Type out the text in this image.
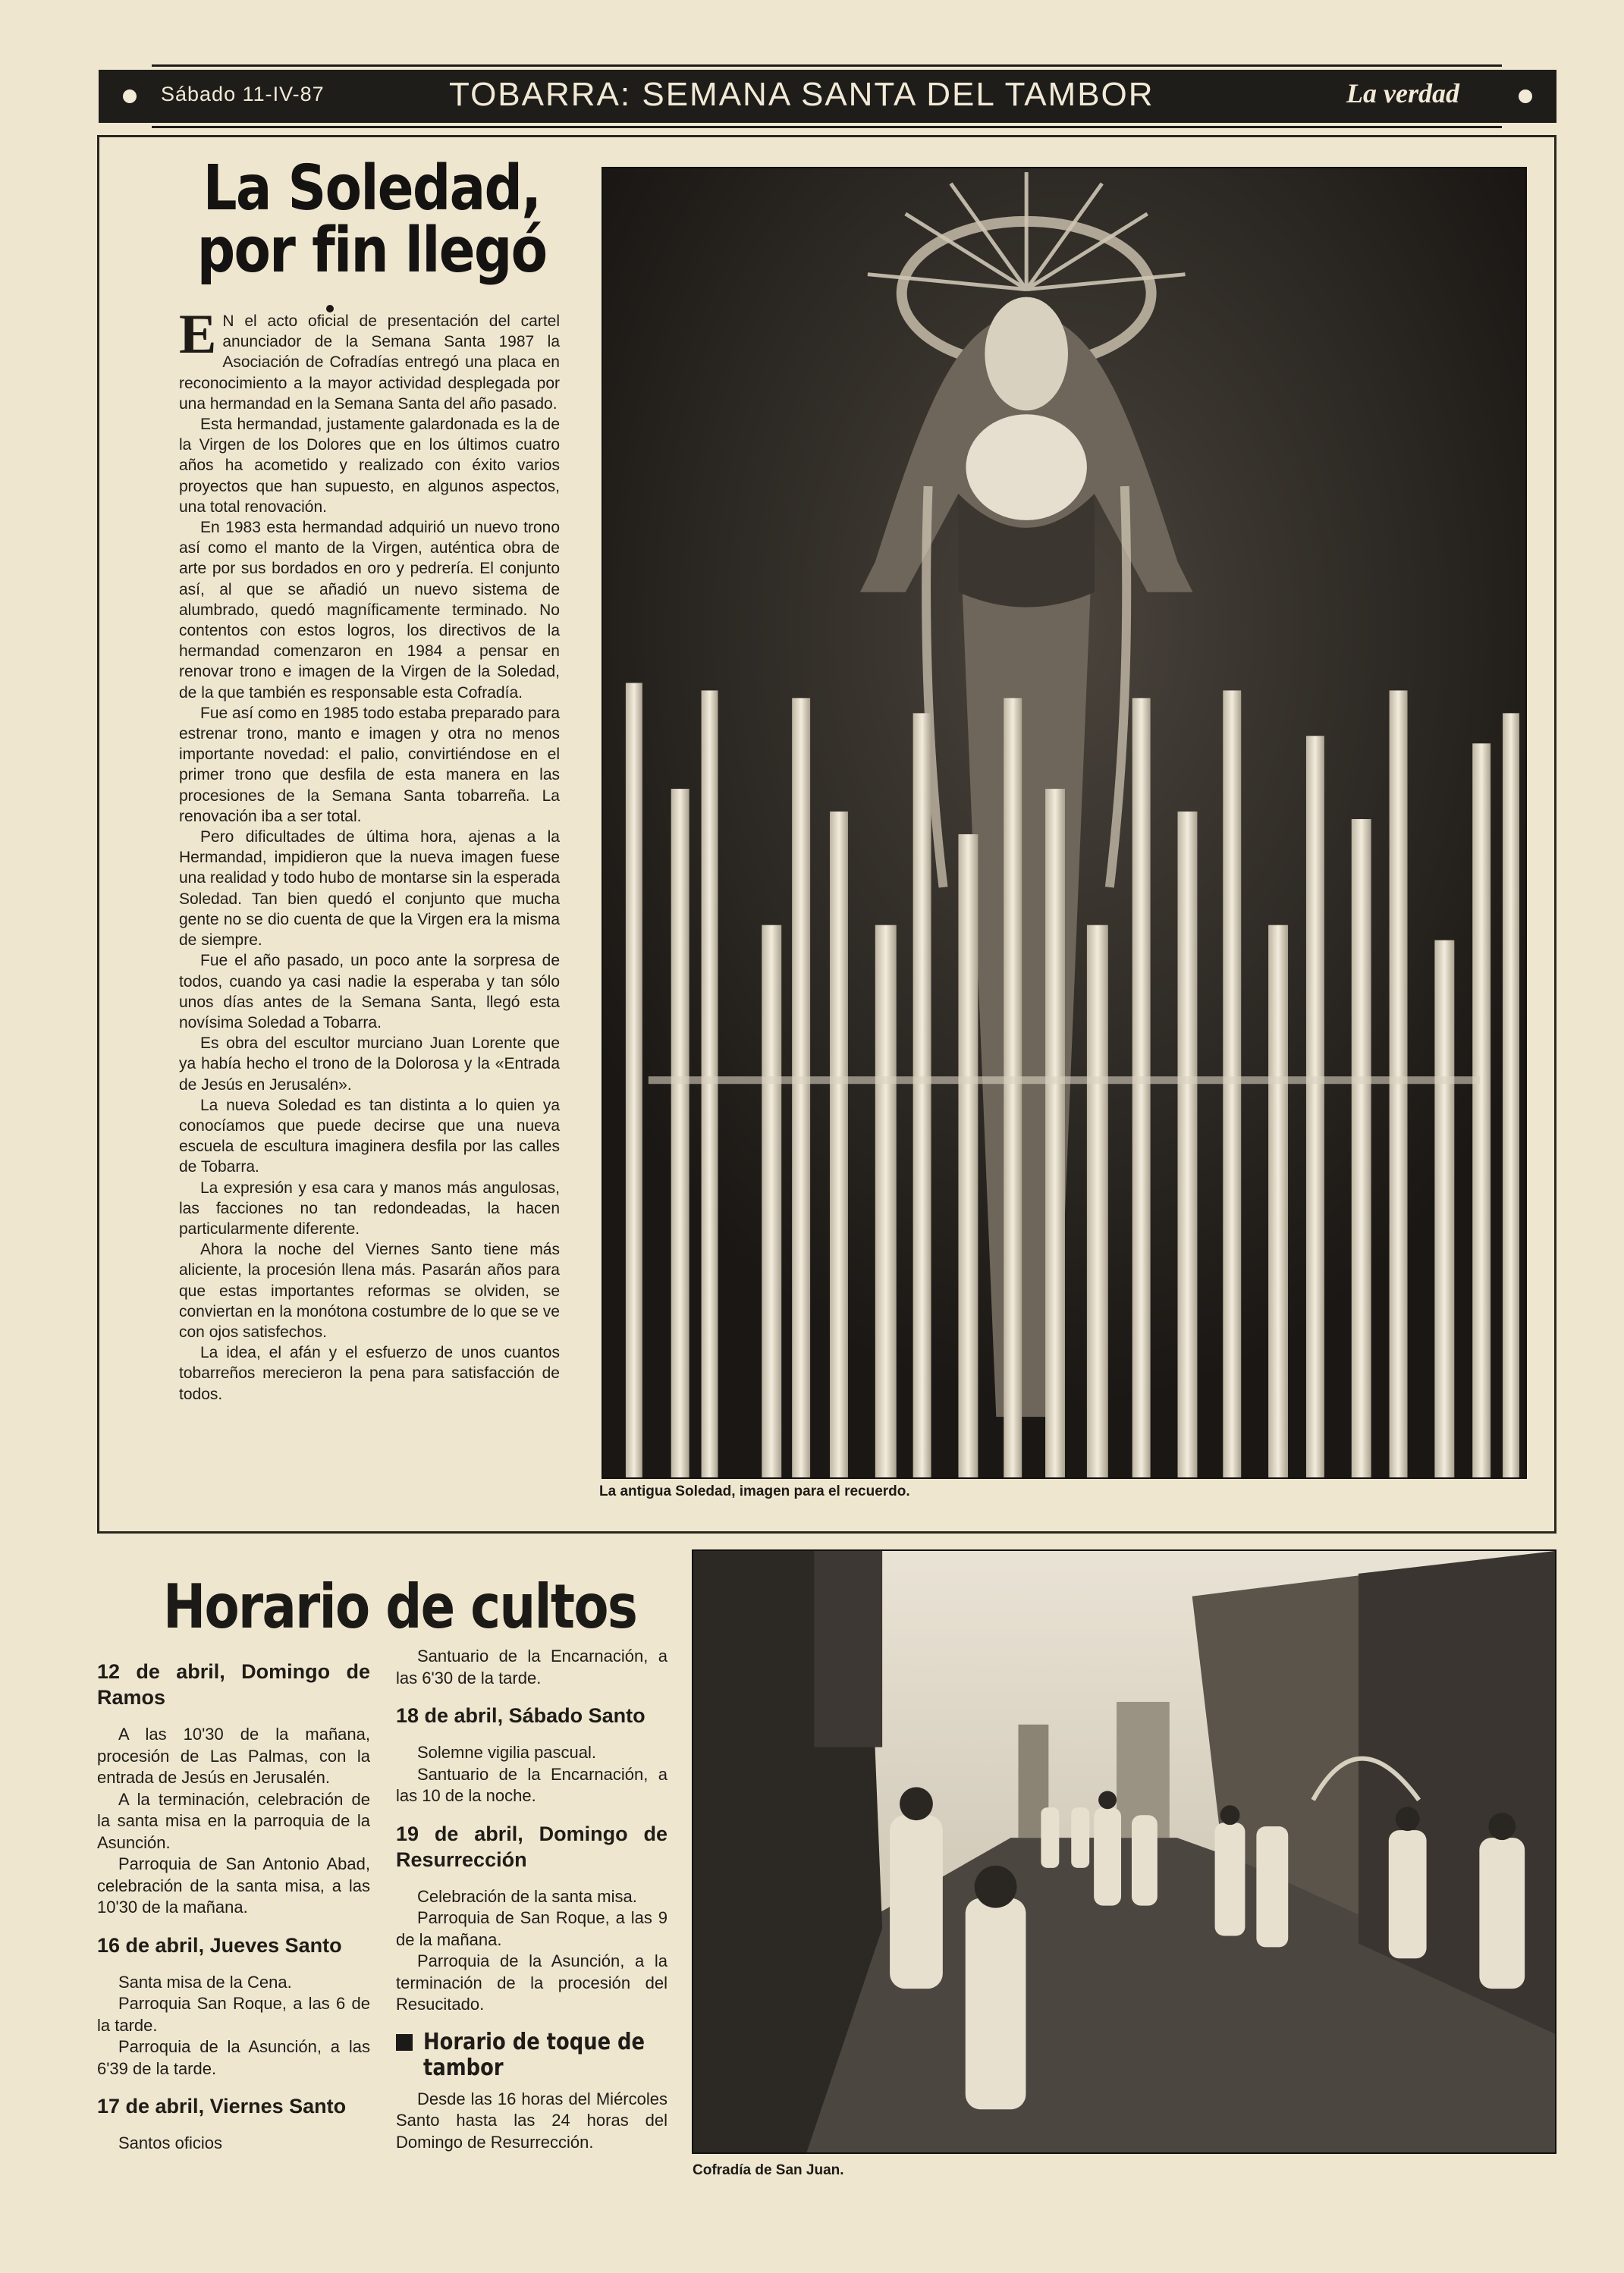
Sábado 11-IV-87	TOBARRA: SEMANA SANTA DEL TAMBOR	La verdad
La Soledad,
por fin llegó

E N el acto oficial de presentación del cartel anunciador de la Semana Santa 1987 la Asociación de Cofradías entregó una placa en reconocimiento a la mayor actividad desplegada por una hermandad en la Semana Santa del año pasado.

Esta hermandad, justamente galardonada es la de la Virgen de los Dolores que en los últimos cuatro años ha acometido y realizado con éxito varios proyectos que han supuesto, en algunos aspectos, una total renovación.

En 1983 esta hermandad adquirió un nuevo trono así como el manto de la Virgen, auténtica obra de arte por sus bordados en oro y pedrería. El conjunto así, al que se añadió un nuevo sistema de alumbrado, quedó magníficamente terminado. No contentos con estos logros, los directivos de la hermandad comenzaron en 1984 a pensar en renovar trono e imagen de la Virgen de la Soledad, de la que también es responsable esta Cofradía.

Fue así como en 1985 todo estaba preparado para estrenar trono, manto e imagen y otra no menos importante novedad: el palio, convirtiéndose en el primer trono que desfila de esta manera en las procesiones de la Semana Santa tobarreña. La renovación iba a ser total.

Pero dificultades de última hora, ajenas a la Hermandad, impidieron que la nueva imagen fuese una realidad y todo hubo de montarse sin la esperada Soledad. Tan bien quedó el conjunto que mucha gente no se dio cuenta de que la Virgen era la misma de siempre.

Fue el año pasado, un poco ante la sorpresa de todos, cuando ya casi nadie la esperaba y tan sólo unos días antes de la Semana Santa, llegó esta novísima Soledad a Tobarra.

Es obra del escultor murciano Juan Lorente que ya había hecho el trono de la Dolorosa y la «Entrada de Jesús en Jerusalén».

La nueva Soledad es tan distinta a lo quien ya conocíamos que puede decirse que una nueva escuela de escultura imaginera desfila por las calles de Tobarra.

La expresión y esa cara y manos más angulosas, las facciones no tan redondeadas, la hacen particularmente diferente.

Ahora la noche del Viernes Santo tiene más aliciente, la procesión llena más. Pasarán años para que estas importantes reformas se olviden, se conviertan en la monótona costumbre de lo que se ve con ojos satisfechos.

La idea, el afán y el esfuerzo de unos cuantos tobarreños merecieron la pena para satisfacción de todos.

La antigua Soledad, imagen para el recuerdo.
Horario de cultos

12 de abril, Domingo de Ramos

A las 10'30 de la mañana, procesión de Las Palmas, con la entrada de Jesús en Jerusalén.

A la terminación, celebración de la santa misa en la parroquia de la Asunción.

Parroquia de San Antonio Abad, celebración de la santa misa, a las 10'30 de la mañana.

16 de abril, Jueves Santo

Santa misa de la Cena.

Parroquia San Roque, a las 6 de la tarde.

Parroquia de la Asunción, a las 6'39 de la tarde.

17 de abril, Viernes Santo

Santos oficios

Santuario de la Encarnación, a las 6'30 de la tarde.

18 de abril, Sábado Santo

Solemne vigilia pascual.

Santuario de la Encarnación, a las 10 de la noche.

19 de abril, Domingo de Resurrección

Celebración de la santa misa.

Parroquia de San Roque, a las 9 de la mañana.

Parroquia de la Asunción, a la terminación de la procesión del Resucitado.

Horario de toque de
tambor

Desde las 16 horas del Miércoles Santo hasta las 24 horas del Domingo de Resurrección.

Cofradía de San Juan.
